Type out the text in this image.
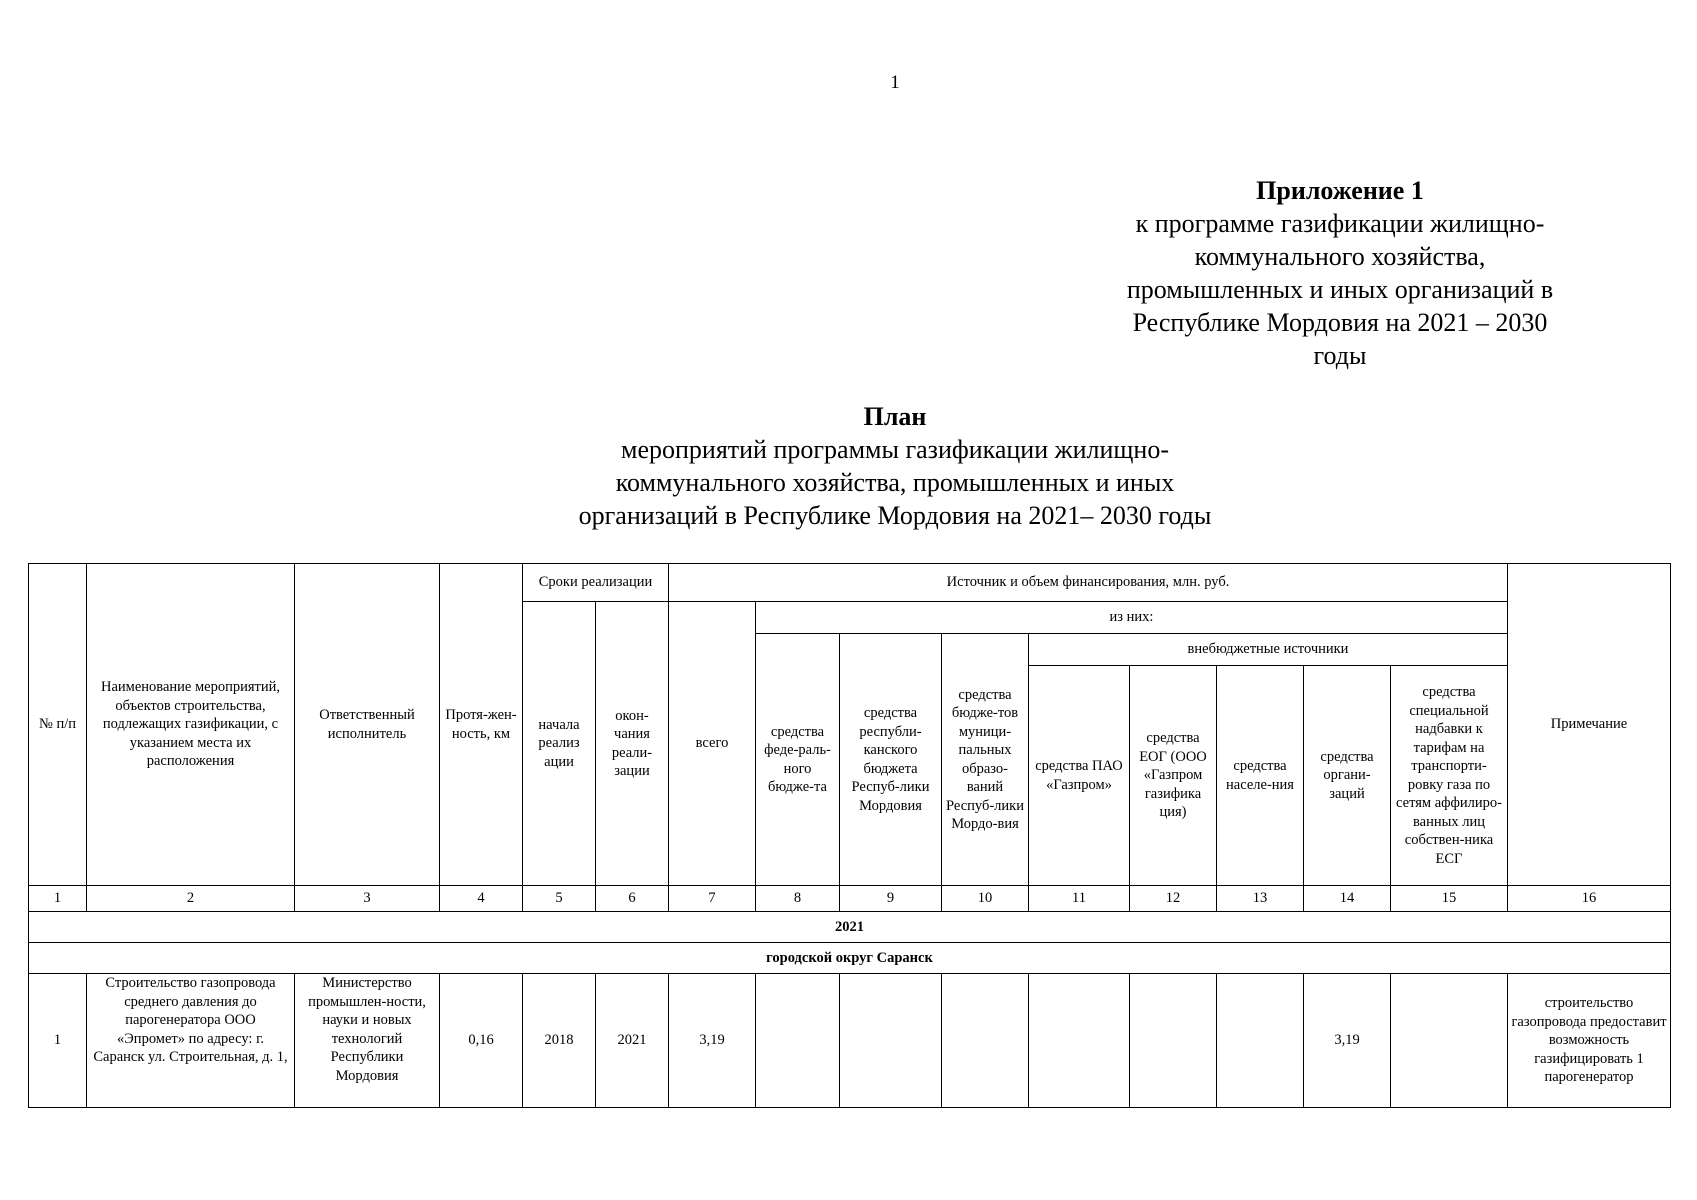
1
Приложение 1
к программе газификации жилищно-
коммунального хозяйства,
промышленных и иных организаций в
Республике Мордовия на 2021 – 2030
годы
План
мероприятий программы газификации жилищно-
коммунального хозяйства, промышленных и иных
организаций в Республике Мордовия на 2021– 2030 годы
№ п/п	Наименование мероприятий, объектов строительства, подлежащих газификации, с указанием места их расположения	Ответственный исполнитель	Протя-жен-ность, км	Сроки реализации		Источник и объем финансирования, млн. руб.									Примечание
				начала реализ ации	окон-чания реали-зации	всего	из них:								
							средства феде-раль-ного бюдже-та	средства республи-канского бюджета Респуб-лики Мордовия	средства бюдже-тов муници-пальных образо-ваний Респуб-лики Мордо-вия	внебюджетные источники					
										средства ПАО «Газпром»	средства ЕОГ (ООО «Газпром газифика ция)	средства населе-ния	средства органи-заций	средства специальной надбавки к тарифам на транспорти-ровку газа по сетям аффилиро-ванных лиц собствен-ника ЕСГ	
1	2	3	4	5	6	7	8	9	10	11	12	13	14	15	16
2021															
городской округ Саранск															
1	Строительство газопровода среднего давления до парогенератора ООО «Эпромет» по адресу: г. Саранск ул. Строительная, д. 1,	Министерство промышлен-ности, науки и новых технологий Республики Мордовия	0,16	2018	2021	3,19							3,19		строительство газопровода предоставит возможность газифицировать 1 парогенератор
